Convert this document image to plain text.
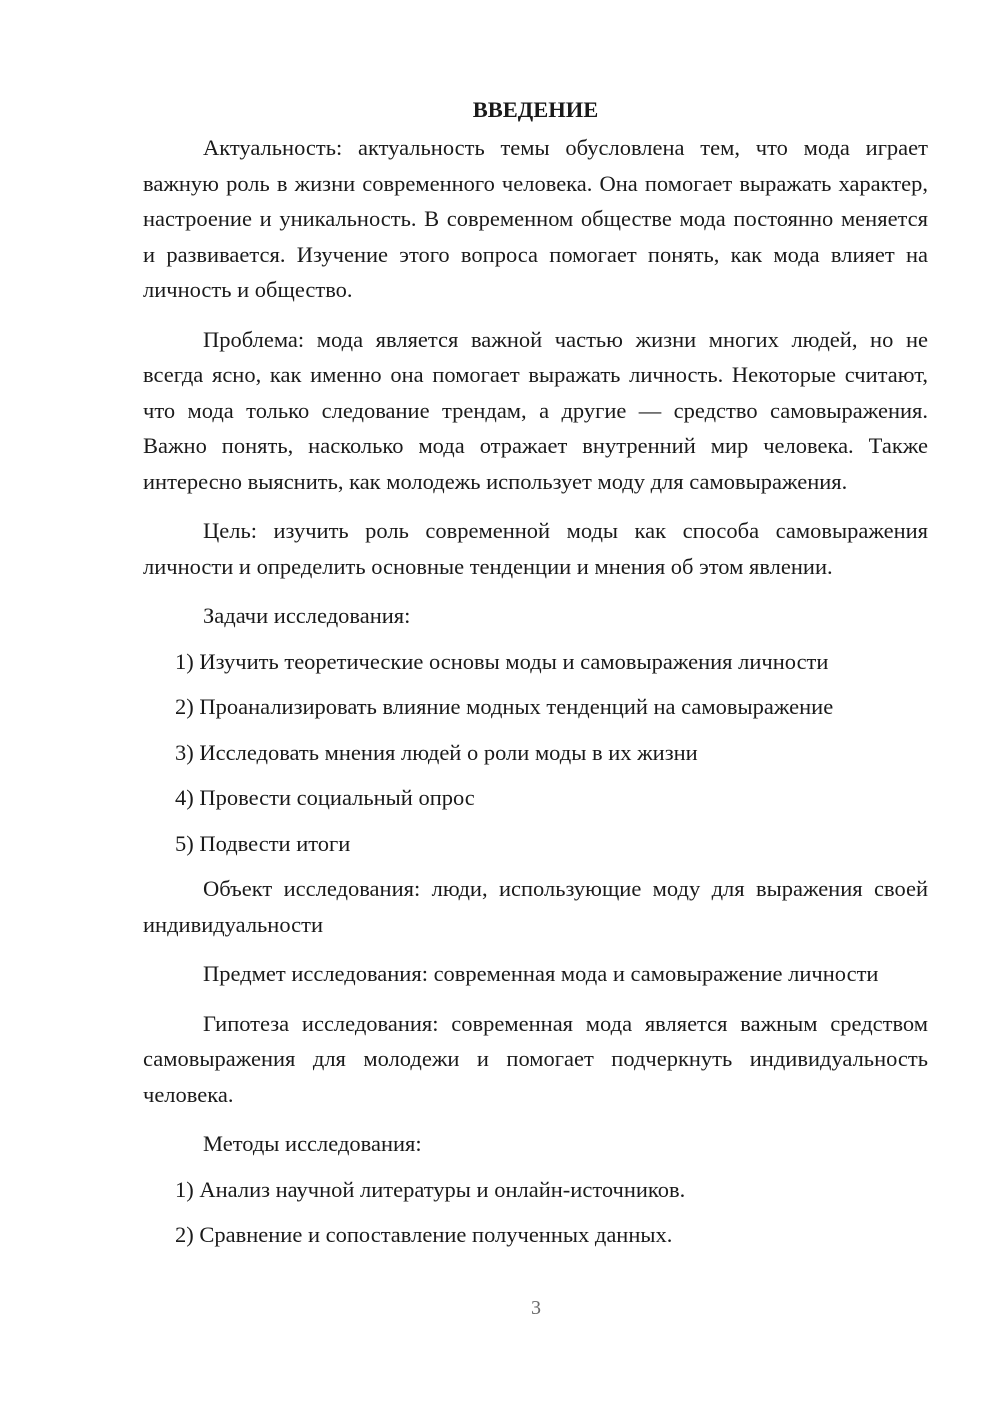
ВВЕДЕНИЕ

Актуальность: актуальность темы обусловлена тем, что мода играет важную роль в жизни современного человека. Она помогает выражать характер, настроение и уникальность. В современном обществе мода постоянно меняется и развивается. Изучение этого вопроса помогает понять, как мода влияет на личность и общество.

Проблема: мода является важной частью жизни многих людей, но не всегда ясно, как именно она помогает выражать личность. Некоторые считают, что мода только следование трендам, а другие — средство самовыражения. Важно понять, насколько мода отражает внутренний мир человека. Также интересно выяснить, как молодежь использует моду для самовыражения.

Цель: изучить роль современной моды как способа самовыражения личности и определить основные тенденции и мнения об этом явлении.

Задачи исследования:
1) Изучить теоретические основы моды и самовыражения личности
2) Проанализировать влияние модных тенденций на самовыражение
3) Исследовать мнения людей о роли моды в их жизни
4) Провести социальный опрос
5) Подвести итоги

Объект исследования: люди, использующие моду для выражения своей индивидуальности

Предмет исследования: современная мода и самовыражение личности

Гипотеза исследования: современная мода является важным средством самовыражения для молодежи и помогает подчеркнуть индивидуальность человека.

Методы исследования:
1) Анализ научной литературы и онлайн-источников.
2) Сравнение и сопоставление полученных данных.
3
